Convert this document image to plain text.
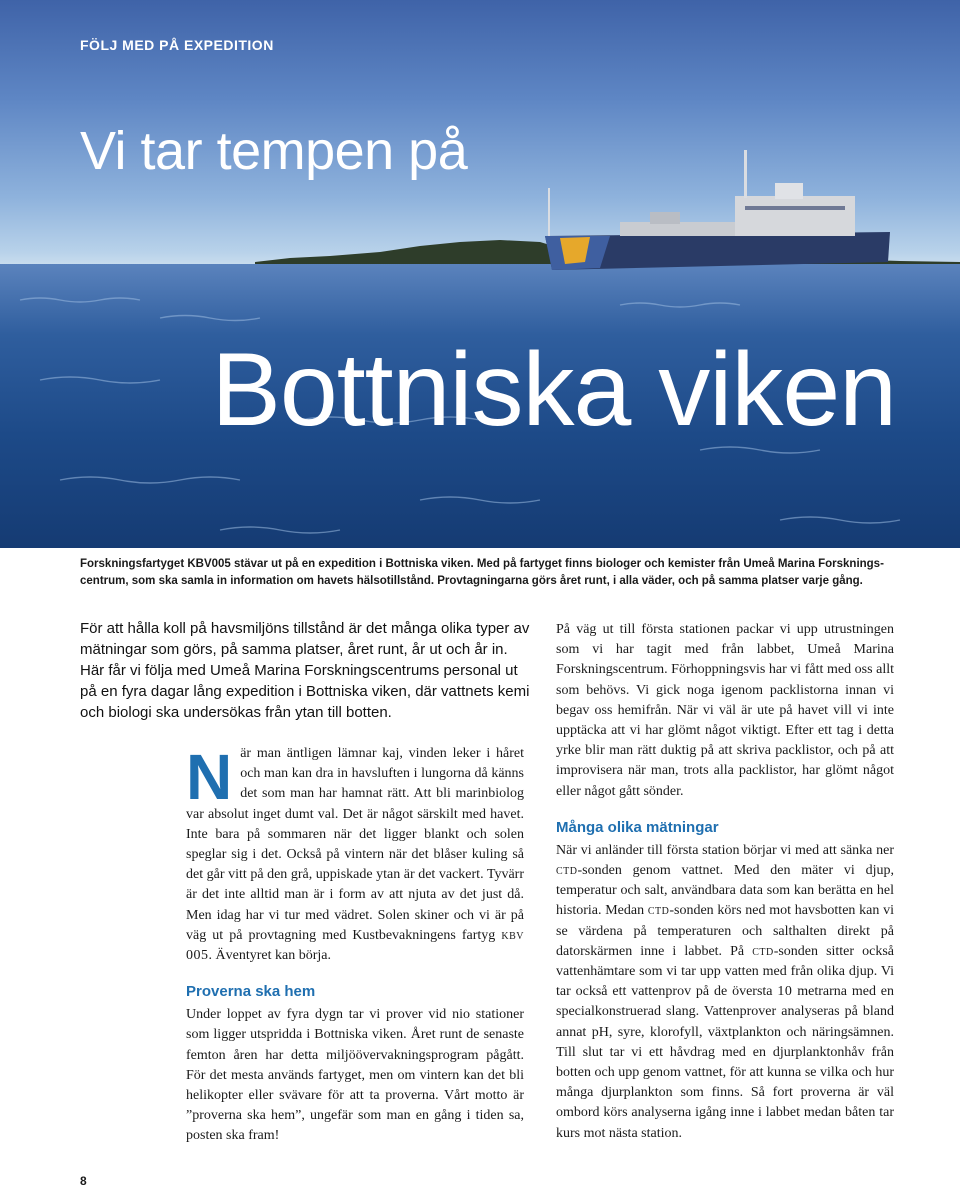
FÖLJ MED PÅ EXPEDITION
Vi tar tempen på
Bottniska viken
Forskningsfartyget KBV005 stävar ut på en expedition i Bottniska viken. Med på fartyget finns biologer och kemister från Umeå Marina Forsknings-centrum, som ska samla in information om havets hälsotillstånd. Provtagningarna görs året runt, i alla väder, och på samma platser varje gång.
För att hålla koll på havsmiljöns tillstånd är det många olika typer av mätningar som görs, på samma platser, året runt, år ut och år in. Här får vi följa med Umeå Marina Forskningscentrums personal ut på en fyra dagar lång expedition i Bottniska viken, där vattnets kemi och biologi ska undersökas från ytan till botten.
N är man äntligen lämnar kaj, vinden leker i håret och man kan dra in havsluften i lungorna då känns det som man har hamnat rätt. Att bli marinbiolog var absolut inget dumt val. Det är något särskilt med havet. Inte bara på sommaren när det ligger blankt och solen speglar sig i det. Också på vintern när det blåser kuling så det går vitt på den grå, uppiskade ytan är det vackert. Tyvärr är det inte alltid man är i form av att njuta av det just då. Men idag har vi tur med vädret. Solen skiner och vi är på väg ut på provtagning med Kustbevakningens fartyg kbv 005. Äventyret kan börja.

Proverna ska hem

Under loppet av fyra dygn tar vi prover vid nio stationer som ligger utspridda i Bottniska viken. Året runt de senaste femton åren har detta miljöövervakningsprogram pågått. För det mesta används fartyget, men om vintern kan det bli helikopter eller svävare för att ta proverna. Vårt motto är ”proverna ska hem”, ungefär som man en gång i tiden sa, posten ska fram!

På väg ut till första stationen packar vi upp utrustningen som vi har tagit med från labbet, Umeå Marina Forskningscentrum. Förhoppningsvis har vi fått med oss allt som behövs. Vi gick noga igenom packlistorna innan vi begav oss hemifrån. När vi väl är ute på havet vill vi inte upptäcka att vi har glömt något viktigt. Efter ett tag i detta yrke blir man rätt duktig på att skriva packlistor, och på att improvisera när man, trots alla packlistor, har glömt något eller något gått sönder.

Många olika mätningar

När vi anländer till första station börjar vi med att sänka ner ctd-sonden genom vattnet. Med den mäter vi djup, temperatur och salt, användbara data som kan berätta en hel historia. Medan ctd-sonden körs ned mot havsbotten kan vi se värdena på temperaturen och salthalten direkt på datorskärmen inne i labbet. På ctd-sonden sitter också vattenhämtare som vi tar upp vatten med från olika djup. Vi tar också ett vattenprov på de översta 10 metrarna med en specialkonstruerad slang. Vattenprover analyseras på bland annat pH, syre, klorofyll, växtplankton och näringsämnen. Till slut tar vi ett håvdrag med en djurplanktonhåv från botten och upp genom vattnet, för att kunna se vilka och hur många djurplankton som finns. Så fort proverna är väl ombord körs analyserna igång inne i labbet medan båten tar kurs mot nästa station.

8
